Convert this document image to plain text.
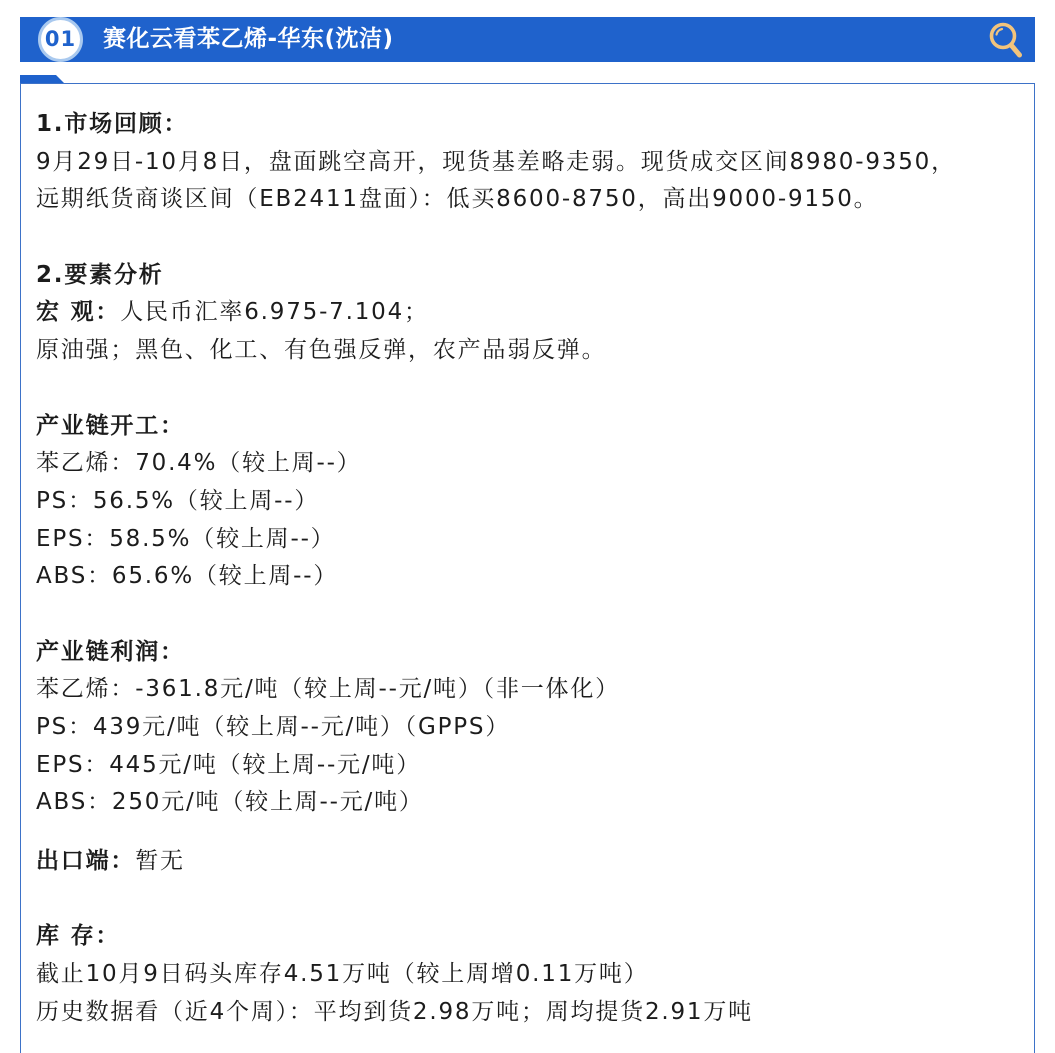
01 赛化云看苯乙烯-华东(沈洁)
1.市场回顾：
9月29日-10月8日，盘面跳空高开，现货基差略走弱。现货成交区间8980-9350，
远期纸货商谈区间（EB2411盘面）：低买8600-8750，高出9000-9150。
2.要素分析
宏 观：人民币汇率6.975-7.104；
原油强；黑色、化工、有色强反弹，农产品弱反弹。
产业链开工：
苯乙烯：70.4%（较上周--）
PS：56.5%（较上周--）
EPS：58.5%（较上周--）
ABS：65.6%（较上周--）
产业链利润：
苯乙烯：-361.8元/吨（较上周--元/吨）（非一体化）
PS：439元/吨（较上周--元/吨）（GPPS）
EPS：445元/吨（较上周--元/吨）
ABS：250元/吨（较上周--元/吨）
出口端：暂无
库 存：
截止10月9日码头库存4.51万吨（较上周增0.11万吨）
历史数据看（近4个周）：平均到货2.98万吨；周均提货2.91万吨
